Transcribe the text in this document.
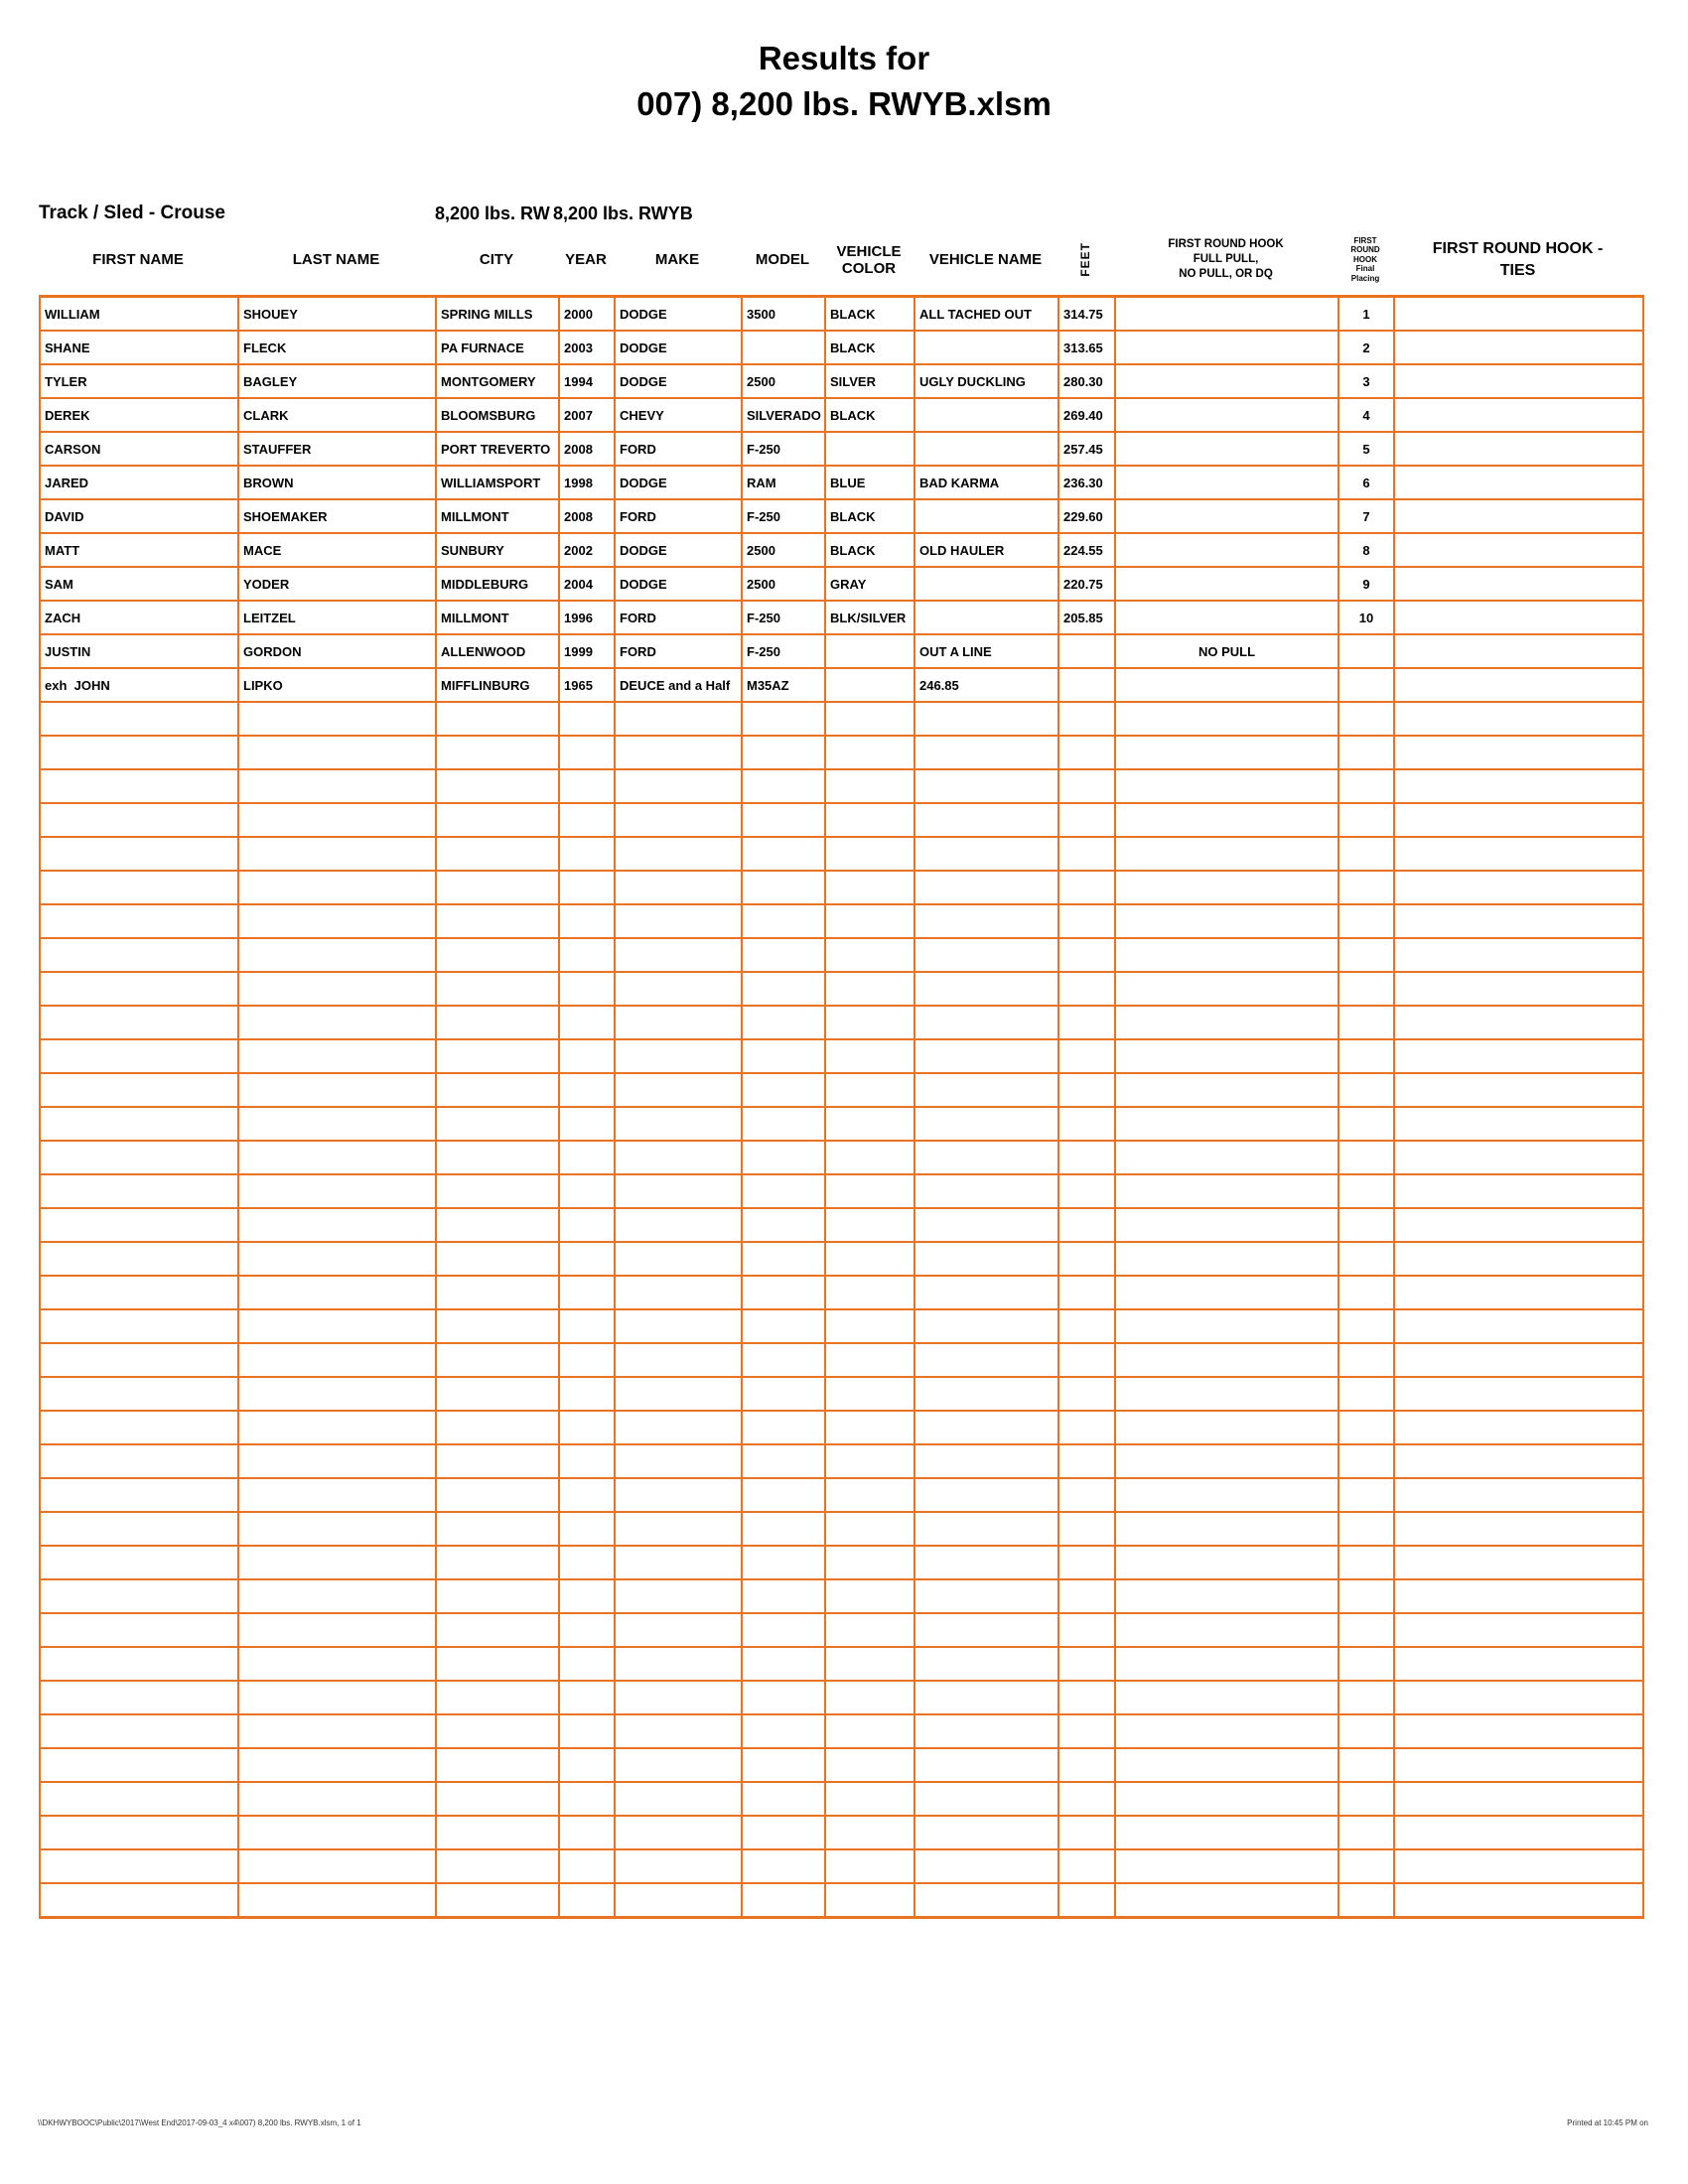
Results for
007) 8,200 lbs. RWYB.xlsm
Track / Sled - Crouse	8,200 lbs. RW 8,200 lbs. RWYB
FIRST NAME	LAST NAME	CITY	YEAR	MAKE	MODEL	VEHICLE COLOR	VEHICLE NAME	FEET	FIRST ROUND HOOK
FULL PULL,
NO PULL, OR DQ
FIRST
ROUND
HOOK
Final
Placing
FIRST ROUND HOOK -
TIES
WILLIAM	SHOUEY	SPRING MILLS	2000	DODGE	3500	BLACK	ALL TACHED OUT	314.75		1	
SHANE	FLECK	PA FURNACE	2003	DODGE		BLACK		313.65		2	
TYLER	BAGLEY	MONTGOMERY	1994	DODGE	2500	SILVER	UGLY DUCKLING	280.30		3	
DEREK	CLARK	BLOOMSBURG	2007	CHEVY	SILVERADO	BLACK		269.40		4	
CARSON	STAUFFER	PORT TREVERTO	2008	FORD	F-250			257.45		5	
JARED	BROWN	WILLIAMSPORT	1998	DODGE	RAM	BLUE	BAD KARMA	236.30		6	
DAVID	SHOEMAKER	MILLMONT	2008	FORD	F-250	BLACK		229.60		7	
MATT	MACE	SUNBURY	2002	DODGE	2500	BLACK	OLD HAULER	224.55		8	
SAM	YODER	MIDDLEBURG	2004	DODGE	2500	GRAY		220.75		9	
ZACH	LEITZEL	MILLMONT	1996	FORD	F-250	BLK/SILVER		205.85		10	
JUSTIN	GORDON	ALLENWOOD	1999	FORD	F-250		OUT A LINE		NO PULL		
exh  JOHN	LIPKO	MIFFLINBURG	1965	DEUCE and a Half	M35AZ		246.85				

\\DKHWYBOOC\Public\2017\West End\2017-09-03_4 x4\007) 8,200 lbs. RWYB.xlsm, 1 of 1	Printed at 10:45 PM on
